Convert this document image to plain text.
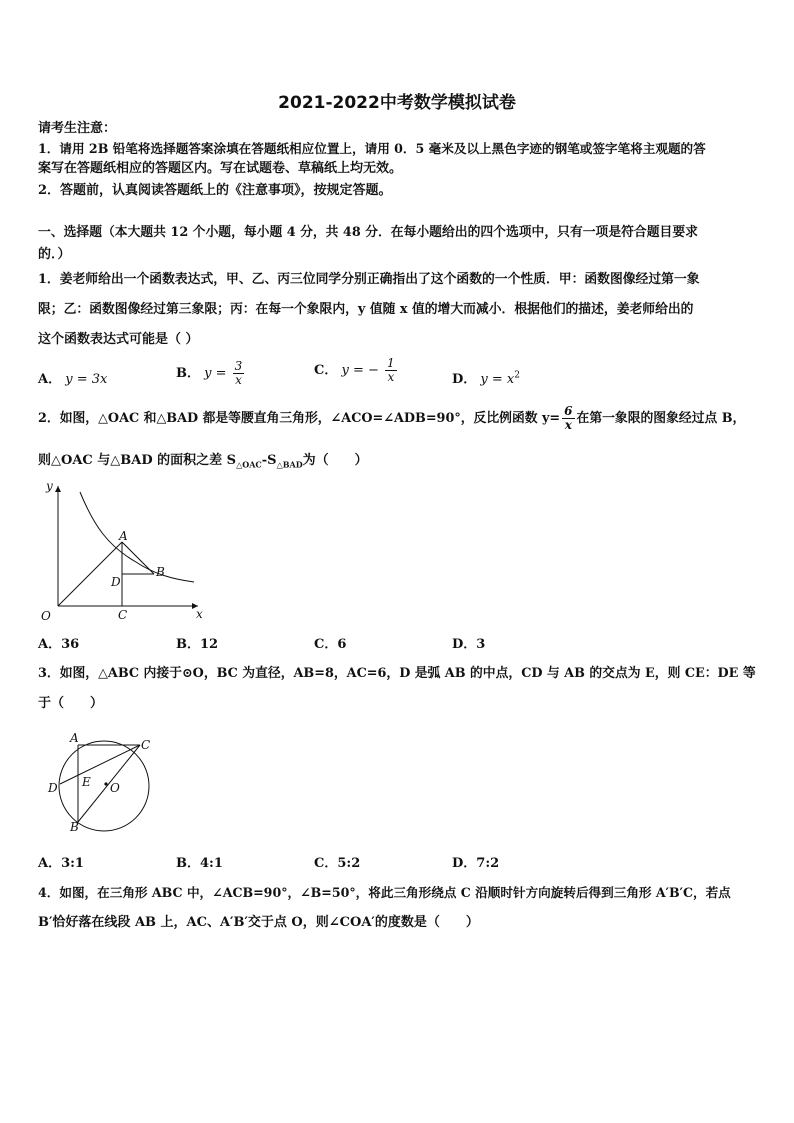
2021-2022中考数学模拟试卷
请考生注意：
1．请用 2B 铅笔将选择题答案涂填在答题纸相应位置上，请用 0．5 毫米及以上黑色字迹的钢笔或签字笔将主观题的答
案写在答题纸相应的答题区内。写在试题卷、草稿纸上均无效。
2．答题前，认真阅读答题纸上的《注意事项》，按规定答题。
一、选择题（本大题共 12 个小题，每小题 4 分，共 48 分．在每小题给出的四个选项中，只有一项是符合题目要求
的．）
1．姜老师给出一个函数表达式，甲、乙、丙三位同学分别正确指出了这个函数的一个性质．甲：函数图像经过第一象
限；乙：函数图像经过第三象限；丙：在每一个象限内，y 值随 x 值的增大而减小．根据他们的描述，姜老师给出的
这个函数表达式可能是（ ）
A． y = 3x	B． $y = \frac{3}{x}$	C． y = − $\frac{1}{x}$	D． $y = x^2$
2．如图，△OAC 和△BAD 都是等腰直角三角形，∠ACO=∠ADB=90°，反比例函数 $y= \frac{6}{x}$ 在第一象限的图象经过点 B，
则△OAC 与△BAD 的面积之差 $S_{\triangle OAC}-S_{\triangle BAD}$为（　　）
y
x
O
A
B
C
D
A．36	B．12	C．6	D．3
3．如图，△ABC 内接于⊙O，BC 为直径，AB=8，AC=6，D 是弧 AB 的中点，CD 与 AB 的交点为 E，则 CE：DE 等
于（　　）
A
B
C
D E O
A．3:1	B．4:1	C．5:2	D．7:2
4．如图，在三角形 ABC 中，∠ACB=90°，∠B=50°，将此三角形绕点 C 沿顺时针方向旋转后得到三角形 A′B′C，若点
B′恰好落在线段 AB 上，AC、A′B′交于点 O，则∠COA′的度数是（　　）
